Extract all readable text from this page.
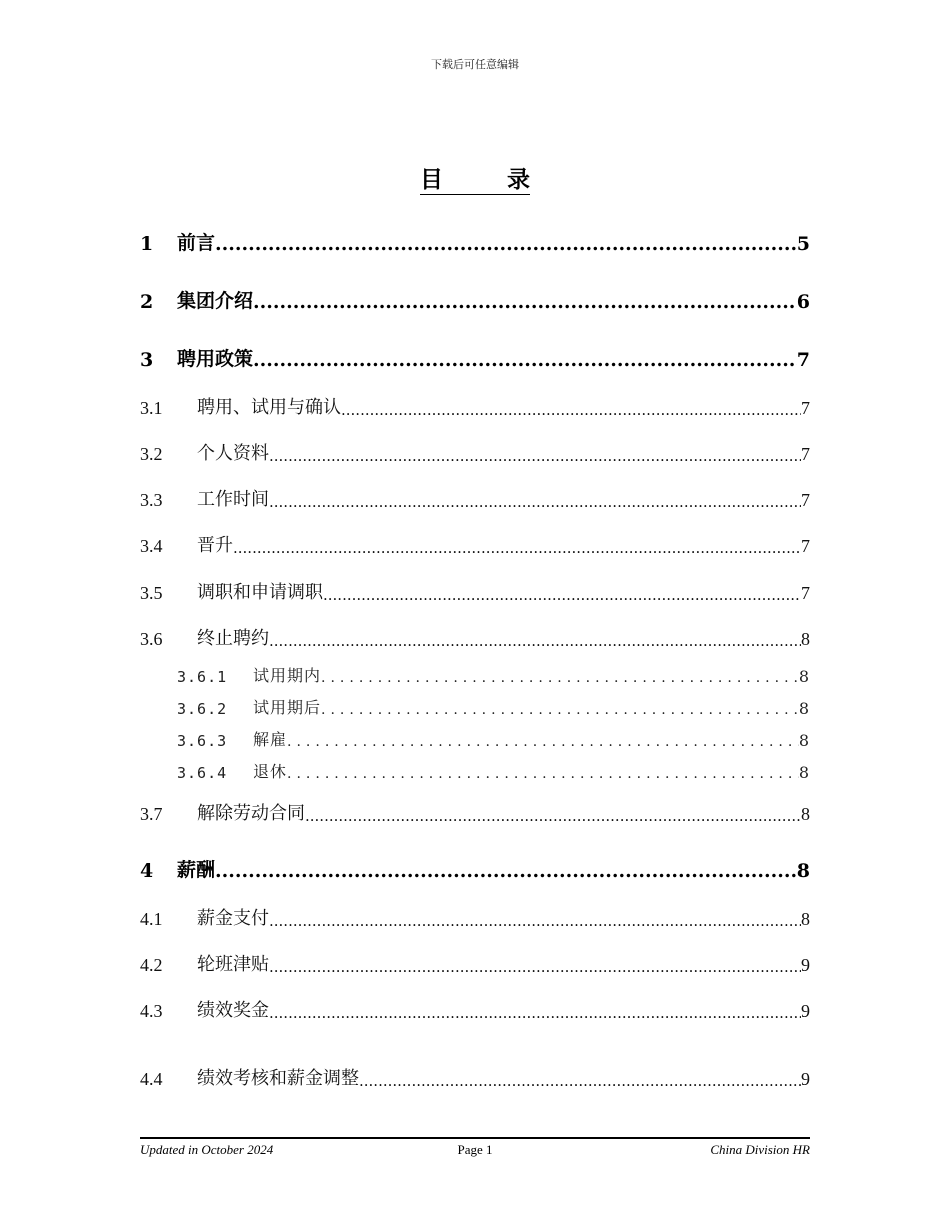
下载后可任意编辑
目	录
1	前言 .....	5
2	集团介绍 .....	6
3	聘用政策 .....	7
3.1	聘用、试用与确认 .....	7
3.2	个人资料 .....	7
3.3	工作时间 .....	7
3.4	晋升 .....	7
3.5	调职和申请调职 .....	7
3.6	终止聘约 .....	8
3.6.1	试用期内 .....	8
3.6.2	试用期后 .....	8
3.6.3	解雇 .....	8
3.6.4	退休 .....	8
3.7	解除劳动合同 .....	8
4	薪酬 .....	8
4.1	薪金支付 .....	8
4.2	轮班津贴 .....	9
4.3	绩效奖金 .....	9
4.4	绩效考核和薪金调整 .....	9
Page 1
Updated in October 2024	China Division HR
